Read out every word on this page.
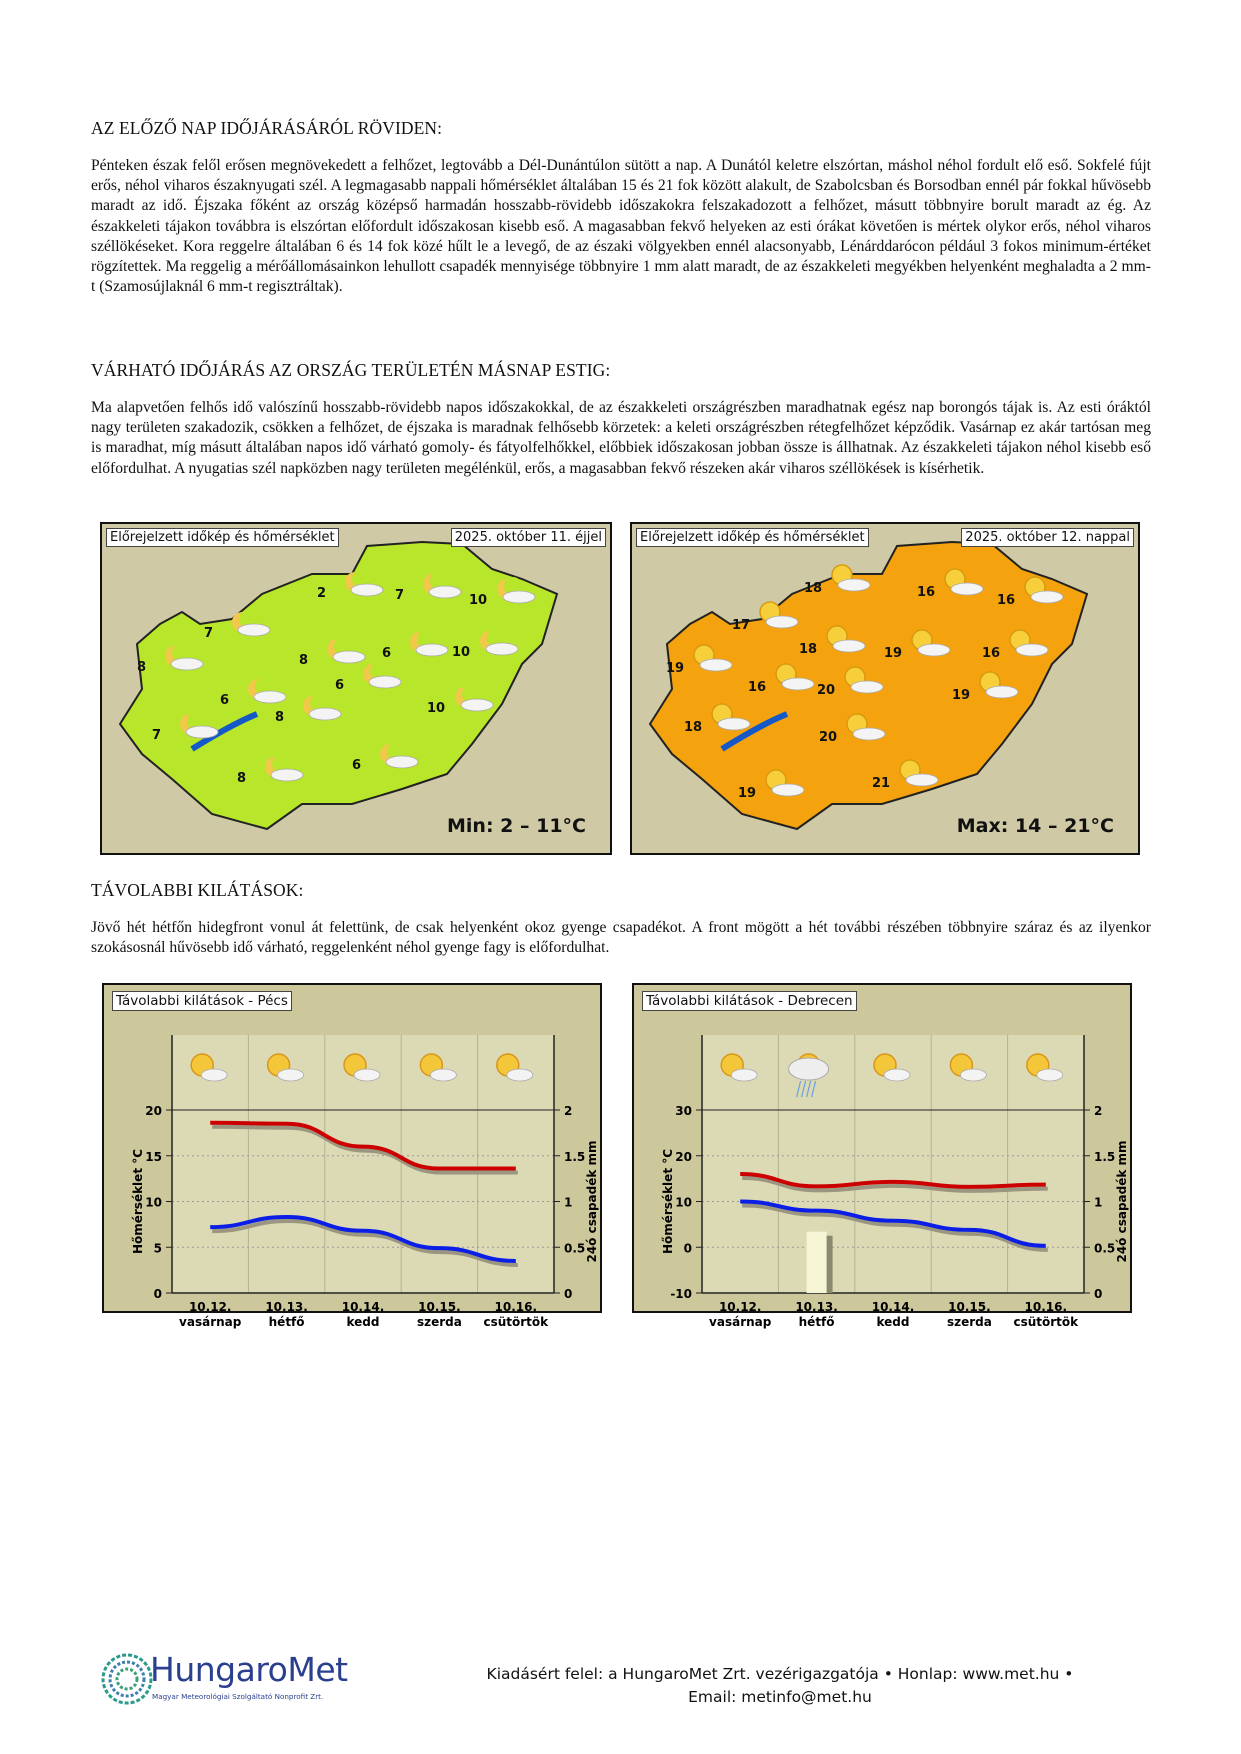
AZ ELŐZŐ NAP IDŐJÁRÁSÁRÓL RÖVIDEN:
Pénteken észak felől erősen megnövekedett a felhőzet, legtovább a Dél-Dunántúlon sütött a nap. A Dunától keletre elszórtan, máshol néhol fordult elő eső. Sokfelé fújt erős, néhol viharos északnyugati szél. A legmagasabb nappali hőmérséklet általában 15 és 21 fok között alakult, de Szabolcsban és Borsodban ennél pár fokkal hűvösebb maradt az idő. Éjszaka főként az ország középső harmadán hosszabb-rövidebb időszakokra felszakadozott a felhőzet, másutt többnyire borult maradt az ég. Az északkeleti tájakon továbbra is elszórtan előfordult időszakosan kisebb eső. A magasabban fekvő helyeken az esti órákat követően is mértek olykor erős, néhol viharos széllökéseket. Kora reggelre általában 6 és 14 fok közé hűlt le a levegő, de az északi völgyekben ennél alacsonyabb, Lénárddarócon például 3 fokos minimum-értéket rögzítettek. Ma reggelig a mérőállomásainkon lehullott csapadék mennyisége többnyire 1 mm alatt maradt, de az északkeleti megyékben helyenként meghaladta a 2 mm-t (Szamosújlaknál 6 mm-t regisztráltak).
VÁRHATÓ IDŐJÁRÁS AZ ORSZÁG TERÜLETÉN MÁSNAP ESTIG:
Ma alapvetően felhős idő valószínű hosszabb-rövidebb napos időszakokkal, de az északkeleti országrészben maradhatnak egész nap borongós tájak is. Az esti óráktól nagy területen szakadozik, csökken a felhőzet, de éjszaka is maradnak felhősebb körzetek: a keleti országrészben rétegfelhőzet képződik. Vasárnap ez akár tartósan meg is maradhat, míg másutt általában napos idő várható gomoly- és fátyolfelhőkkel, előbbiek időszakosan jobban össze is állhatnak. Az északkeleti tájakon néhol kisebb eső előfordulhat. A nyugatias szél napközben nagy területen megélénkül, erős, a magasabban fekvő részeken akár viharos széllökések is kísérhetik.
2	7	10
7
8	6	10
8
6
6
10
7
8
8
6
Előrejelzett időkép és hőmérséklet	2025. október 11. éjjel
Min: 2 – 11°C
18	16
16
17
18	19	16
19
16	20	19
18
20
21
19
Előrejelzett időkép és hőmérséklet	2025. október 12. nappal
Max: 14 – 21°C
TÁVOLABBI KILÁTÁSOK:
Jövő hét hétfőn hidegfront vonul át felettünk, de csak helyenként okoz gyenge csapadékot. A front mögött a hét további részében többnyire száraz és az ilyenkor szokásosnál hűvösebb idő várható, reggelenként néhol gyenge fagy is előfordulhat.
Távolabbi kilátások - Pécs
0	0
5	0.5
10	1
15	1.5
20	2
Hőmérséklet °C	24ó csapadék mm
10.12.
vasárnap
10.13.
hétfő
10.14.
kedd
10.15.
szerda
10.16.
csütörtök
Távolabbi kilátások - Debrecen
-10	0
0	0.5
10	1
20	1.5
30	2
Hőmérséklet °C	24ó csapadék mm
10.12.
vasárnap
10.13.
hétfő
10.14.
kedd
10.15.
szerda
10.16.
csütörtök
HungaroMet
Magyar Meteorológiai Szolgáltató Nonprofit Zrt.
Kiadásért felel: a HungaroMet Zrt. vezérigazgatója • Honlap: www.met.hu •
Email: metinfo@met.hu
